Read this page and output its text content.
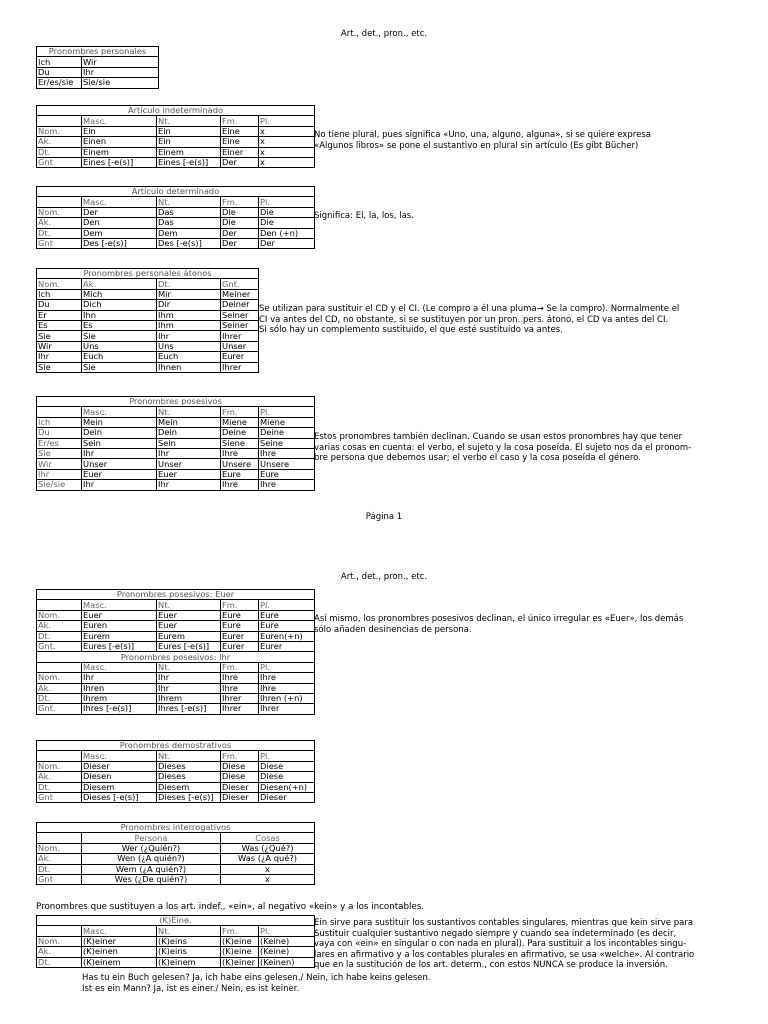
Art., det., pron., etc.
Pronombres personales	
Ich	Wir
Du	Ihr
Er/es/sie	Sie/sie
Artículo indeterminado				
	Masc.	Nt.	Fm.	Pl.
Nom.	Ein	Ein	Eine	x
Ak.	Einen	Ein	Eine	x
Dt.	Einem	Einem	Einer	x
Gnt	Eines [-e(s)]	Eines [-e(s)]	Der	x
No tiene plural, pues significa «Uno, una, alguno, alguna», si se quiere expresa
«Algunos libros» se pone el sustantivo en plural sin artículo (Es gibt Bücher)
Artículo determinado				
	Masc.	Nt.	Fm.	Pl.
Nom.	Der	Das	Die	Die
Ak.	Den	Das	Die	Die
Dt.	Dem	Dem	Der	Den (+n)
Gnt	Des [-e(s)]	Des [-e(s)]	Der	Der
Significa: El, la, los, las.
Pronombres personales átonos			
Nom.	Ak.	Dt.	Gnt.
Ich	Mich	Mir	Meiner
Du	Dich	Dir	Deiner
Er	Ihn	Ihm	Seiner
Es	Es	Ihm	Seiner
Sie	Sie	Ihr	Ihrer
Wir	Uns	Uns	Unser
Ihr	Euch	Euch	Eurer
Sie	Sie	Ihnen	Ihrer
Se utilizan para sustituir el CD y el CI. (Le compro a él una pluma→ Se la compro). Normalmente el
CI va antes del CD, no obstante, si se sustituyen por un pron. pers. átono, el CD va antes del CI.
Si sólo hay un complemento sustituido, el que esté sustituido va antes.
Pronombres posesivos				
	Masc.	Nt.	Fm.	Pl.
Ich	Mein	Mein	Miene	Miene
Du	Dein	Dein	Deine	Deine
Er/es	Sein	Sein	Siene	Seine
Sie	Ihr	Ihr	Ihre	Ihre
Wir	Unser	Unser	Unsere	Unsere
Ihr	Euer	Euer	Eure	Eure
Sie/sie	Ihr	Ihr	Ihre	Ihre
Estos pronombres también declinan. Cuando se usan estos pronombres hay que tener
varias cosas en cuenta: el verbo, el sujeto y la cosa poseída. El sujeto nos da el pronom-
bre persona que debemos usar; el verbo el caso y la cosa poseída el género.
Página 1
Art., det., pron., etc.
Pronombres posesivos: Euer				
	Masc.	Nt.	Fm.	Pl.
Nom.	Euer	Euer	Eure	Eure
Ak.	Euren	Euer	Eure	Eure
Dt.	Eurem	Eurem	Eurer	Euren(+n)
Gnt.	Eures [-e(s)]	Eures [-e(s)]	Eurer	Eurer
Pronombres posesivos: Ihr				
	Masc.	Nt.	Fm.	Pl.
Nom.	Ihr	Ihr	Ihre	Ihre
Ak.	Ihren	Ihr	Ihre	Ihre
Dt.	Ihrem	Ihrem	Ihrer	Ihren (+n)
Gnt.	Ihres [-e(s)]	Ihres [-e(s)]	Ihrer	Ihrer
Así mismo, los pronombres posesivos declinan, el único irregular es «Euer», los demás
sólo añaden desinencias de persona.
Pronombres demostrativos				
	Masc.	Nt.	Fm.	Pl.
Nom.	Dieser	Dieses	Diese	Diese
Ak.	Diesen	Dieses	Diese	Diese
Dt.	Diesem	Diesem	Dieser	Diesen(+n)
Gnt	Dieses [-e(s)]	Dieses [-e(s)]	Dieser	Dieser
Pronombres interrogativos		
	Persona	Cosas
Nom.	Wer (¿Quién?)	Was (¿Qué?)
Ak.	Wen (¿A quién?)	Was (¿A qué?)
Dt.	Wem (¿A quién?)	x
Gnt	Wes (¿De quién?)	x
Pronombres que sustituyen a los art. indef., «ein», al negativo «kein» y a los incontables.
(K)Eine.				
	Masc.	Nt.	Fm.	Pl.
Nom.	(K)einer	(K)eins	(K)eine	(Keine)
Ak.	(K)einen	(K)eins	(K)eine	(Keine)
Dt.	(K)einem	(K)einem	(K)einer	(Keinen)
Ein sirve para sustituir los sustantivos contables singulares, mientras que kein sirve para
Sustituir cualquier sustantivo negado siempre y cuando sea indeterminado (es decir,
vaya con «ein» en singular o con nada en plural). Para sustituir a los incontables singu-
lares en afirmativo y a los contables plurales en afirmativo, se usa «welche». Al contrario
que en la sustitución de los art. determ., con estos NUNCA se produce la inversión.
Has tu ein Buch gelesen? Ja, ich habe eins gelesen./ Nein, ich habe keins gelesen.
Ist es ein Mann? Ja, ist es einer./ Nein, es ist keiner.
